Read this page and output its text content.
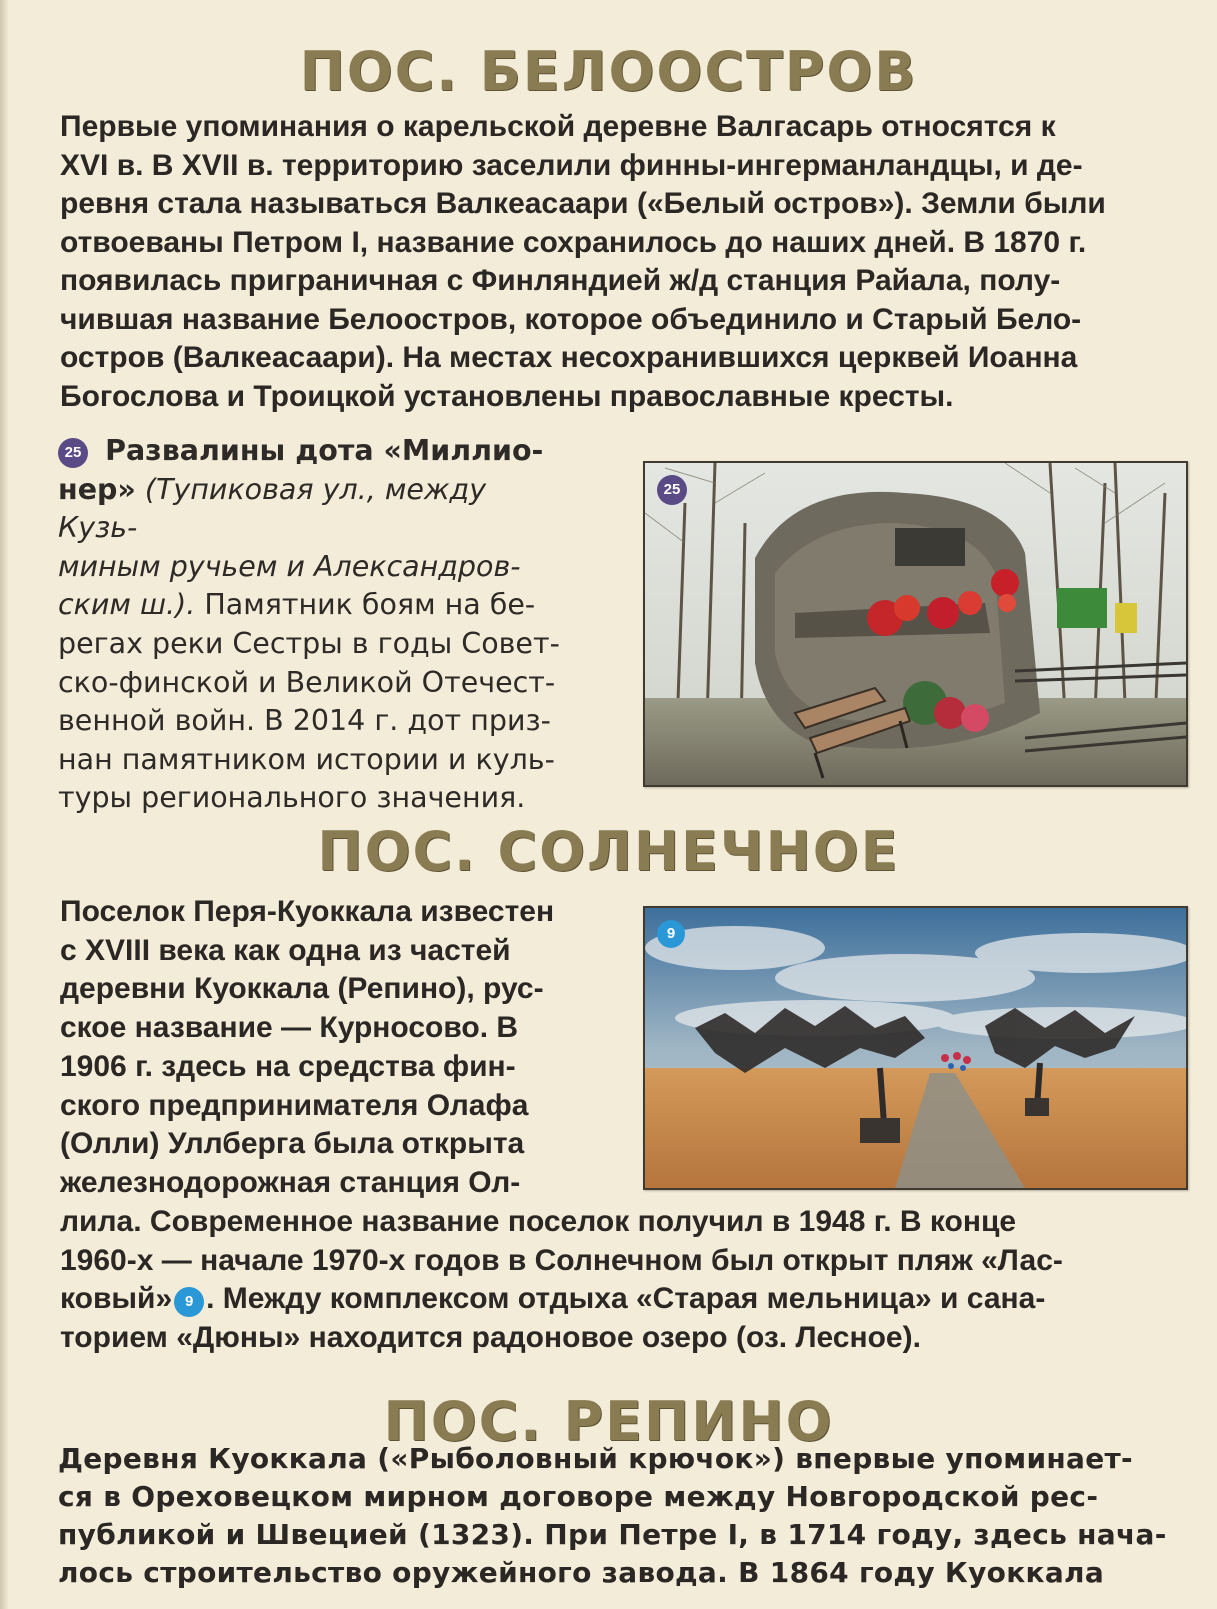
ПОС. БЕЛООСТРОВ
Первые упоминания о карельской деревне Валгасарь относятся к
XVI в. В XVII в. территорию заселили финны-ингерманландцы, и де-
ревня стала называться Валкеасаари («Белый остров»). Земли были
отвоеваны Петром I, название сохранилось до наших дней. В 1870 г.
появилась приграничная с Финляндией ж/д станция Райала, полу-
чившая название Белоостров, которое объединило и Старый Бело-
остров (Валкеасаари). На местах несохранившихся церквей Иоанна
Богослова и Троицкой установлены православные кресты.

25 Развалины дота «Миллио-

нер» (Тупиковая ул., между Кузь-

миным ручьем и Александров-

ским ш.). Памятник боям на бе-

регах реки Сестры в годы Совет-

ско-финской и Великой Отечест-

венной войн. В 2014 г. дот приз-

нан памятником истории и куль-

туры регионального значения.

25
ПОС. СОЛНЕЧНОЕ

Поселок Перя-Куоккала известен

с XVIII века как одна из частей

деревни Куоккала (Репино), рус-

ское название — Курносово. В

1906 г. здесь на средства фин-

ского предпринимателя Олафа

(Олли) Уллберга была открыта

железнодорожная станция Ол-

9

лила. Современное название поселок получил в 1948 г. В конце

1960-х — начале 1970-х годов в Солнечном был открыт пляж «Лас-

ковый» 9 . Между комплексом отдыха «Старая мельница» и сана-

торием «Дюны» находится радоновое озеро (оз. Лесное).

ПОС. РЕПИНО
Деревня Куоккала («Рыболовный крючок») впервые упоминает-
ся в Ореховецком мирном договоре между Новгородской рес-
публикой и Швецией (1323). При Петре I, в 1714 году, здесь нача-
лось строительство оружейного завода. В 1864 году Куоккала
